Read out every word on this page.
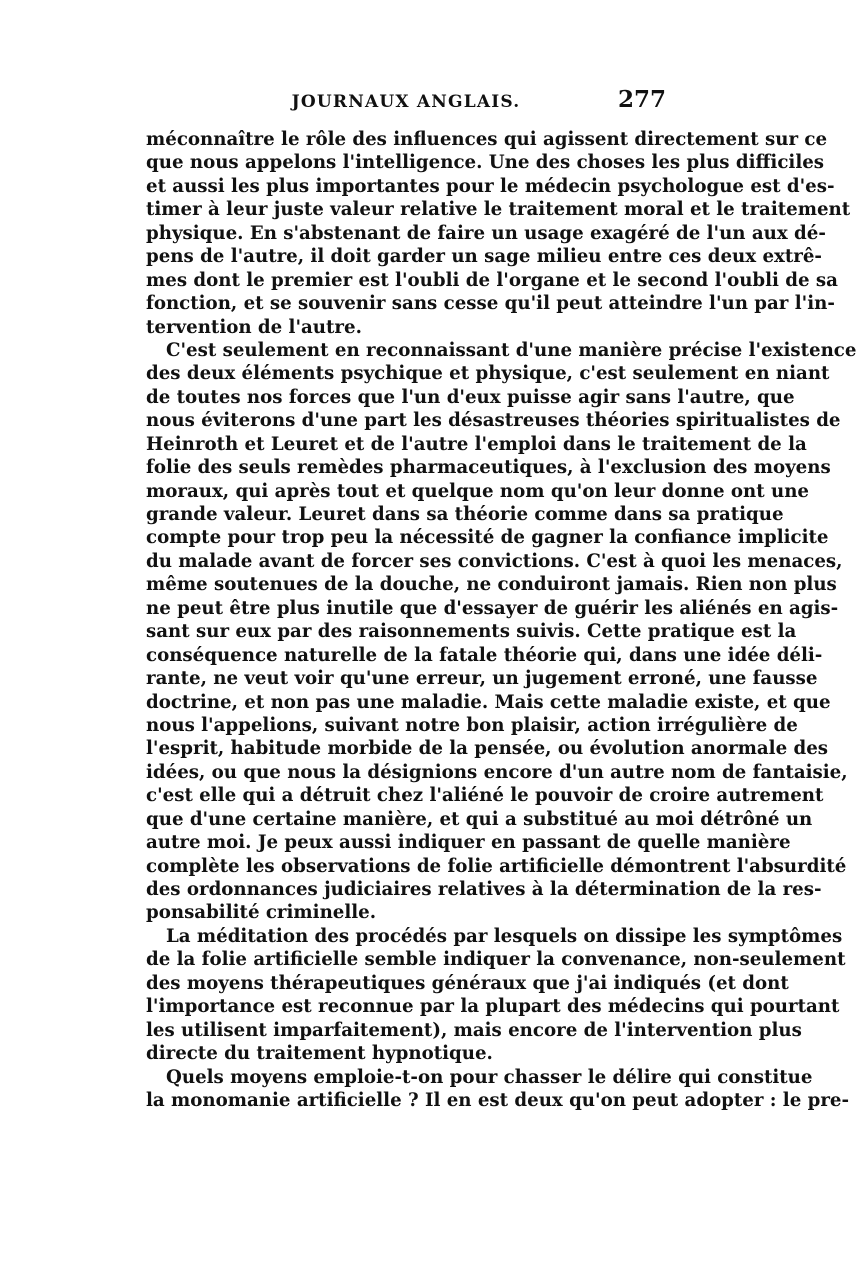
JOURNAUX ANGLAIS.	277
méconnaître le rôle des influences qui agissent directement sur ce
que nous appelons l'intelligence. Une des choses les plus difficiles
et aussi les plus importantes pour le médecin psychologue est d'es-
timer à leur juste valeur relative le traitement moral et le traitement
physique. En s'abstenant de faire un usage exagéré de l'un aux dé-
pens de l'autre, il doit garder un sage milieu entre ces deux extrê-
mes dont le premier est l'oubli de l'organe et le second l'oubli de sa
fonction, et se souvenir sans cesse qu'il peut atteindre l'un par l'in-
tervention de l'autre.
C'est seulement en reconnaissant d'une manière précise l'existence
des deux éléments psychique et physique, c'est seulement en niant
de toutes nos forces que l'un d'eux puisse agir sans l'autre, que
nous éviterons d'une part les désastreuses théories spiritualistes de
Heinroth et Leuret et de l'autre l'emploi dans le traitement de la
folie des seuls remèdes pharmaceutiques, à l'exclusion des moyens
moraux, qui après tout et quelque nom qu'on leur donne ont une
grande valeur. Leuret dans sa théorie comme dans sa pratique
compte pour trop peu la nécessité de gagner la confiance implicite
du malade avant de forcer ses convictions. C'est à quoi les menaces,
même soutenues de la douche, ne conduiront jamais. Rien non plus
ne peut être plus inutile que d'essayer de guérir les aliénés en agis-
sant sur eux par des raisonnements suivis. Cette pratique est la
conséquence naturelle de la fatale théorie qui, dans une idée déli-
rante, ne veut voir qu'une erreur, un jugement erroné, une fausse
doctrine, et non pas une maladie. Mais cette maladie existe, et que
nous l'appelions, suivant notre bon plaisir, action irrégulière de
l'esprit, habitude morbide de la pensée, ou évolution anormale des
idées, ou que nous la désignions encore d'un autre nom de fantaisie,
c'est elle qui a détruit chez l'aliéné le pouvoir de croire autrement
que d'une certaine manière, et qui a substitué au moi détrôné un
autre moi. Je peux aussi indiquer en passant de quelle manière
complète les observations de folie artificielle démontrent l'absurdité
des ordonnances judiciaires relatives à la détermination de la res-
ponsabilité criminelle.
La méditation des procédés par lesquels on dissipe les symptômes
de la folie artificielle semble indiquer la convenance, non-seulement
des moyens thérapeutiques généraux que j'ai indiqués (et dont
l'importance est reconnue par la plupart des médecins qui pourtant
les utilisent imparfaitement), mais encore de l'intervention plus
directe du traitement hypnotique.
Quels moyens emploie-t-on pour chasser le délire qui constitue
la monomanie artificielle ? Il en est deux qu'on peut adopter : le pre-
